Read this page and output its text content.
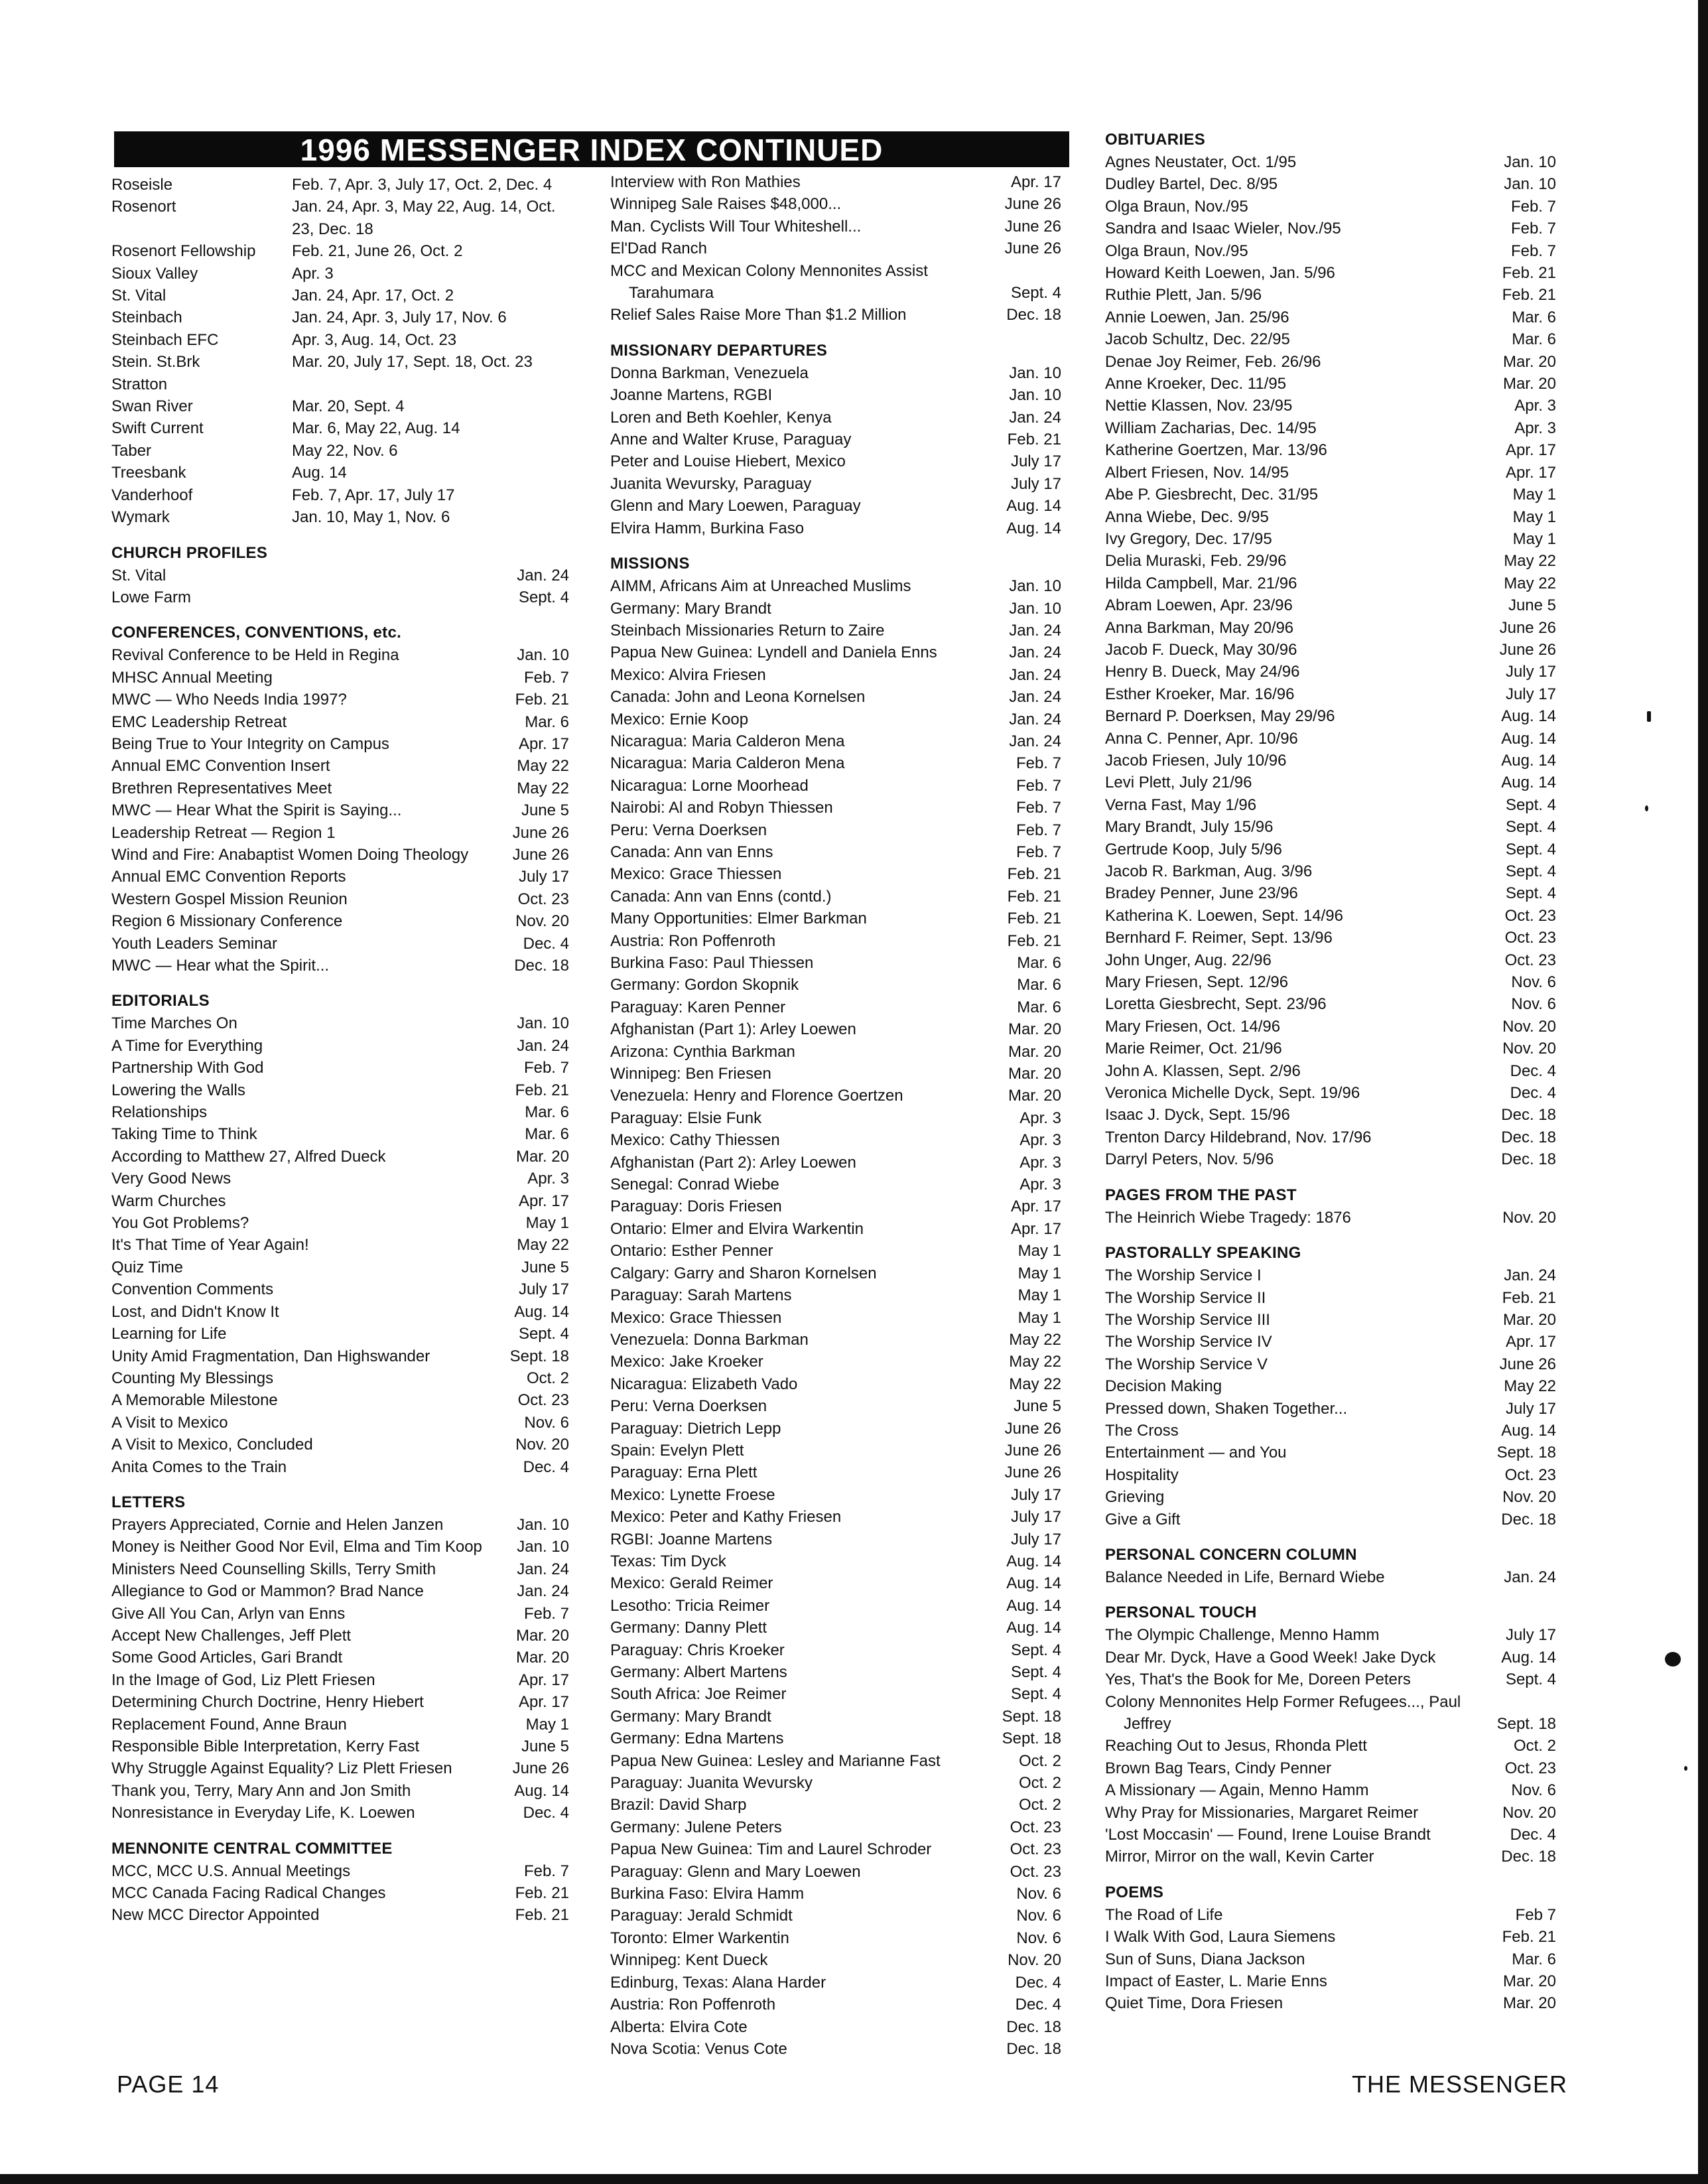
1996 MESSENGER INDEX CONTINUED
Roseisle	Feb. 7, Apr. 3, July 17, Oct. 2, Dec. 4
Rosenort	Jan. 24, Apr. 3, May 22, Aug. 14, Oct. 23, Dec. 18
Rosenort Fellowship Feb. 21, June 26, Oct. 2
Sioux Valley	Apr. 3
St. Vital	Jan. 24, Apr. 17, Oct. 2
Steinbach	Jan. 24, Apr. 3, July 17, Nov. 6
Steinbach EFC	Apr. 3, Aug. 14, Oct. 23
Stein. St.Brk	Mar. 20, July 17, Sept. 18, Oct. 23
Stratton
Swan River	Mar. 20, Sept. 4
Swift Current	Mar. 6, May 22, Aug. 14
Taber	May 22, Nov. 6
Treesbank	Aug. 14
Vanderhoof	Feb. 7, Apr. 17, July 17
Wymark	Jan. 10, May 1, Nov. 6
CHURCH PROFILES
St. Vital	Jan. 24
Lowe Farm	Sept. 4
CONFERENCES, CONVENTIONS, etc.
Revival Conference to be Held in Regina	Jan. 10
MHSC Annual Meeting	Feb. 7
MWC — Who Needs India 1997?	Feb. 21
EMC Leadership Retreat	Mar. 6
Being True to Your Integrity on Campus	Apr. 17
Annual EMC Convention Insert	May 22
Brethren Representatives Meet	May 22
MWC — Hear What the Spirit is Saying...	June 5
Leadership Retreat — Region 1	June 26
Wind and Fire: Anabaptist Women Doing Theology	June 26
Annual EMC Convention Reports	July 17
Western Gospel Mission Reunion	Oct. 23
Region 6 Missionary Conference	Nov. 20
Youth Leaders Seminar	Dec. 4
MWC — Hear what the Spirit...	Dec. 18
EDITORIALS
Time Marches On	Jan. 10
A Time for Everything	Jan. 24
Partnership With God	Feb. 7
Lowering the Walls	Feb. 21
Relationships	Mar. 6
Taking Time to Think	Mar. 6
According to Matthew 27, Alfred Dueck	Mar. 20
Very Good News	Apr. 3
Warm Churches	Apr. 17
You Got Problems?	May 1
It's That Time of Year Again!	May 22
Quiz Time	June 5
Convention Comments	July 17
Lost, and Didn't Know It	Aug. 14
Learning for Life	Sept. 4
Unity Amid Fragmentation, Dan Highswander	Sept. 18
Counting My Blessings	Oct. 2
A Memorable Milestone	Oct. 23
A Visit to Mexico	Nov. 6
A Visit to Mexico, Concluded	Nov. 20
Anita Comes to the Train	Dec. 4
LETTERS
Prayers Appreciated, Cornie and Helen Janzen	Jan. 10
Money is Neither Good Nor Evil, Elma and Tim Koop	Jan. 10
Ministers Need Counselling Skills, Terry Smith	Jan. 24
Allegiance to God or Mammon? Brad Nance	Jan. 24
Give All You Can, Arlyn van Enns	Feb. 7
Accept New Challenges, Jeff Plett	Mar. 20
Some Good Articles, Gari Brandt	Mar. 20
In the Image of God, Liz Plett Friesen	Apr. 17
Determining Church Doctrine, Henry Hiebert	Apr. 17
Replacement Found, Anne Braun	May 1
Responsible Bible Interpretation, Kerry Fast	June 5
Why Struggle Against Equality? Liz Plett Friesen	June 26
Thank you, Terry, Mary Ann and Jon Smith	Aug. 14
Nonresistance in Everyday Life, K. Loewen	Dec. 4
MENNONITE CENTRAL COMMITTEE
MCC, MCC U.S. Annual Meetings	Feb. 7
MCC Canada Facing Radical Changes	Feb. 21
New MCC Director Appointed	Feb. 21
Interview with Ron Mathies	Apr. 17
Winnipeg Sale Raises $48,000...	June 26
Man. Cyclists Will Tour Whiteshell...	June 26
El'Dad Ranch	June 26
MCC and Mexican Colony Mennonites Assist Tarahumara	Sept. 4
Relief Sales Raise More Than $1.2 Million	Dec. 18
MISSIONARY DEPARTURES
Donna Barkman, Venezuela	Jan. 10
Joanne Martens, RGBI	Jan. 10
Loren and Beth Koehler, Kenya	Jan. 24
Anne and Walter Kruse, Paraguay	Feb. 21
Peter and Louise Hiebert, Mexico	July 17
Juanita Wevursky, Paraguay	July 17
Glenn and Mary Loewen, Paraguay	Aug. 14
Elvira Hamm, Burkina Faso	Aug. 14
MISSIONS
AIMM, Africans Aim at Unreached Muslims	Jan. 10
Germany: Mary Brandt	Jan. 10
Steinbach Missionaries Return to Zaire	Jan. 24
Papua New Guinea: Lyndell and Daniela Enns	Jan. 24
Mexico: Alvira Friesen	Jan. 24
Canada: John and Leona Kornelsen	Jan. 24
Mexico: Ernie Koop	Jan. 24
Nicaragua: Maria Calderon Mena	Jan. 24
Nicaragua: Maria Calderon Mena	Feb. 7
Nicaragua: Lorne Moorhead	Feb. 7
Nairobi: Al and Robyn Thiessen	Feb. 7
Peru: Verna Doerksen	Feb. 7
Canada: Ann van Enns	Feb. 7
Mexico: Grace Thiessen	Feb. 21
Canada: Ann van Enns (contd.)	Feb. 21
Many Opportunities: Elmer Barkman	Feb. 21
Austria: Ron Poffenroth	Feb. 21
Burkina Faso: Paul Thiessen	Mar. 6
Germany: Gordon Skopnik	Mar. 6
Paraguay: Karen Penner	Mar. 6
Afghanistan (Part 1): Arley Loewen	Mar. 20
Arizona: Cynthia Barkman	Mar. 20
Winnipeg: Ben Friesen	Mar. 20
Venezuela: Henry and Florence Goertzen	Mar. 20
Paraguay: Elsie Funk	Apr. 3
Mexico: Cathy Thiessen	Apr. 3
Afghanistan (Part 2): Arley Loewen	Apr. 3
Senegal: Conrad Wiebe	Apr. 3
Paraguay: Doris Friesen	Apr. 17
Ontario: Elmer and Elvira Warkentin	Apr. 17
Ontario: Esther Penner	May 1
Calgary: Garry and Sharon Kornelsen	May 1
Paraguay: Sarah Martens	May 1
Mexico: Grace Thiessen	May 1
Venezuela: Donna Barkman	May 22
Mexico: Jake Kroeker	May 22
Nicaragua: Elizabeth Vado	May 22
Peru: Verna Doerksen	June 5
Paraguay: Dietrich Lepp	June 26
Spain: Evelyn Plett	June 26
Paraguay: Erna Plett	June 26
Mexico: Lynette Froese	July 17
Mexico: Peter and Kathy Friesen	July 17
RGBI: Joanne Martens	July 17
Texas: Tim Dyck	Aug. 14
Mexico: Gerald Reimer	Aug. 14
Lesotho: Tricia Reimer	Aug. 14
Germany: Danny Plett	Aug. 14
Paraguay: Chris Kroeker	Sept. 4
Germany: Albert Martens	Sept. 4
South Africa: Joe Reimer	Sept. 4
Germany: Mary Brandt	Sept. 18
Germany: Edna Martens	Sept. 18
Papua New Guinea: Lesley and Marianne Fast	Oct. 2
Paraguay: Juanita Wevursky	Oct. 2
Brazil: David Sharp	Oct. 2
Germany: Julene Peters	Oct. 23
Papua New Guinea: Tim and Laurel Schroder	Oct. 23
Paraguay: Glenn and Mary Loewen	Oct. 23
Burkina Faso: Elvira Hamm	Nov. 6
Paraguay: Jerald Schmidt	Nov. 6
Toronto: Elmer Warkentin	Nov. 6
Winnipeg: Kent Dueck	Nov. 20
Edinburg, Texas: Alana Harder	Dec. 4
Austria: Ron Poffenroth	Dec. 4
Alberta: Elvira Cote	Dec. 18
Nova Scotia: Venus Cote	Dec. 18
OBITUARIES
Agnes Neustater, Oct. 1/95	Jan. 10
Dudley Bartel, Dec. 8/95	Jan. 10
Olga Braun, Nov./95	Feb. 7
Sandra and Isaac Wieler, Nov./95	Feb. 7
Olga Braun, Nov./95	Feb. 7
Howard Keith Loewen, Jan. 5/96	Feb. 21
Ruthie Plett, Jan. 5/96	Feb. 21
Annie Loewen, Jan. 25/96	Mar. 6
Jacob Schultz, Dec. 22/95	Mar. 6
Denae Joy Reimer, Feb. 26/96	Mar. 20
Anne Kroeker, Dec. 11/95	Mar. 20
Nettie Klassen, Nov. 23/95	Apr. 3
William Zacharias, Dec. 14/95	Apr. 3
Katherine Goertzen, Mar. 13/96	Apr. 17
Albert Friesen, Nov. 14/95	Apr. 17
Abe P. Giesbrecht, Dec. 31/95	May 1
Anna Wiebe, Dec. 9/95	May 1
Ivy Gregory, Dec. 17/95	May 1
Delia Muraski, Feb. 29/96	May 22
Hilda Campbell, Mar. 21/96	May 22
Abram Loewen, Apr. 23/96	June 5
Anna Barkman, May 20/96	June 26
Jacob F. Dueck, May 30/96	June 26
Henry B. Dueck, May 24/96	July 17
Esther Kroeker, Mar. 16/96	July 17
Bernard P. Doerksen, May 29/96	Aug. 14
Anna C. Penner, Apr. 10/96	Aug. 14
Jacob Friesen, July 10/96	Aug. 14
Levi Plett, July 21/96	Aug. 14
Verna Fast, May 1/96	Sept. 4
Mary Brandt, July 15/96	Sept. 4
Gertrude Koop, July 5/96	Sept. 4
Jacob R. Barkman, Aug. 3/96	Sept. 4
Bradey Penner, June 23/96	Sept. 4
Katherina K. Loewen, Sept. 14/96	Oct. 23
Bernhard F. Reimer, Sept. 13/96	Oct. 23
John Unger, Aug. 22/96	Oct. 23
Mary Friesen, Sept. 12/96	Nov. 6
Loretta Giesbrecht, Sept. 23/96	Nov. 6
Mary Friesen, Oct. 14/96	Nov. 20
Marie Reimer, Oct. 21/96	Nov. 20
John A. Klassen, Sept. 2/96	Dec. 4
Veronica Michelle Dyck, Sept. 19/96	Dec. 4
Isaac J. Dyck, Sept. 15/96	Dec. 18
Trenton Darcy Hildebrand, Nov. 17/96	Dec. 18
Darryl Peters, Nov. 5/96	Dec. 18
PAGES FROM THE PAST
The Heinrich Wiebe Tragedy: 1876	Nov. 20
PASTORALLY SPEAKING
The Worship Service I	Jan. 24
The Worship Service II	Feb. 21
The Worship Service III	Mar. 20
The Worship Service IV	Apr. 17
The Worship Service V	June 26
Decision Making	May 22
Pressed down, Shaken Together...	July 17
The Cross	Aug. 14
Entertainment — and You	Sept. 18
Hospitality	Oct. 23
Grieving	Nov. 20
Give a Gift	Dec. 18
PERSONAL CONCERN COLUMN
Balance Needed in Life, Bernard Wiebe	Jan. 24
PERSONAL TOUCH
The Olympic Challenge, Menno Hamm	July 17
Dear Mr. Dyck, Have a Good Week! Jake Dyck	Aug. 14
Yes, That's the Book for Me, Doreen Peters	Sept. 4
Colony Mennonites Help Former Refugees..., Paul Jeffrey	Sept. 18
Reaching Out to Jesus, Rhonda Plett	Oct. 2
Brown Bag Tears, Cindy Penner	Oct. 23
A Missionary — Again, Menno Hamm	Nov. 6
Why Pray for Missionaries, Margaret Reimer	Nov. 20
'Lost Moccasin' — Found, Irene Louise Brandt	Dec. 4
Mirror, Mirror on the wall, Kevin Carter	Dec. 18
POEMS
The Road of Life	Feb 7
I Walk With God, Laura Siemens	Feb. 21
Sun of Suns, Diana Jackson	Mar. 6
Impact of Easter, L. Marie Enns	Mar. 20
Quiet Time, Dora Friesen	Mar. 20
PAGE 14	THE MESSENGER
